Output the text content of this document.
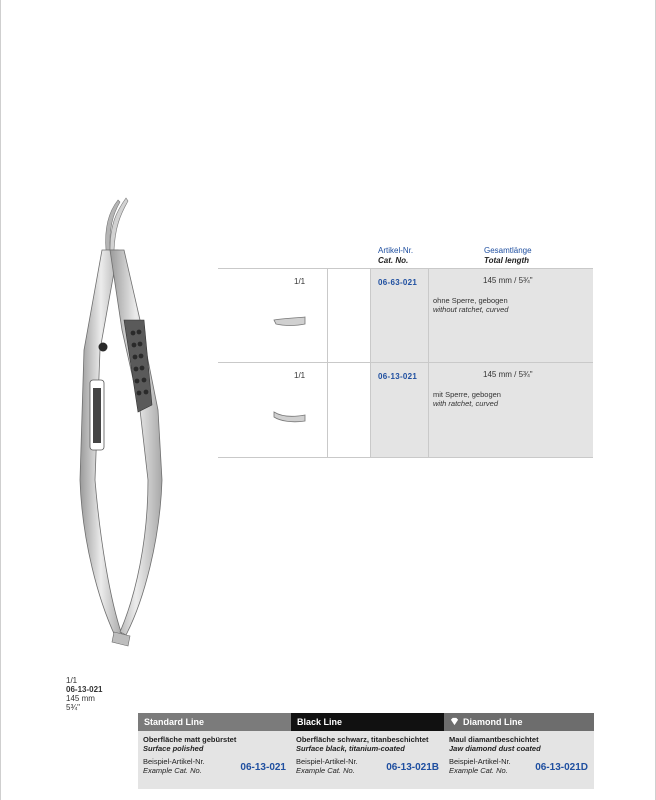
1/1
06-13-021
145 mm
5¾"
Artikel-Nr.
Cat. No.
Gesamtlänge
Total length
1/1	06-63-021	145 mm / 5¾"
ohne Sperre, gebogen
without ratchet, curved
1/1	06-13-021	145 mm / 5¾"
mit Sperre, gebogen
with ratchet, curved
Standard Line
Oberfläche matt gebürstet
Surface polished
Beispiel-Artikel-Nr.
Example Cat. No.	06-13-021
Black Line
Oberfläche schwarz, titanbeschichtet
Surface black, titanium-coated
Beispiel-Artikel-Nr.
Example Cat. No.	06-13-021B
Diamond Line
Maul diamantbeschichtet
Jaw diamond dust coated
Beispiel-Artikel-Nr.
Example Cat. No.	06-13-021D
